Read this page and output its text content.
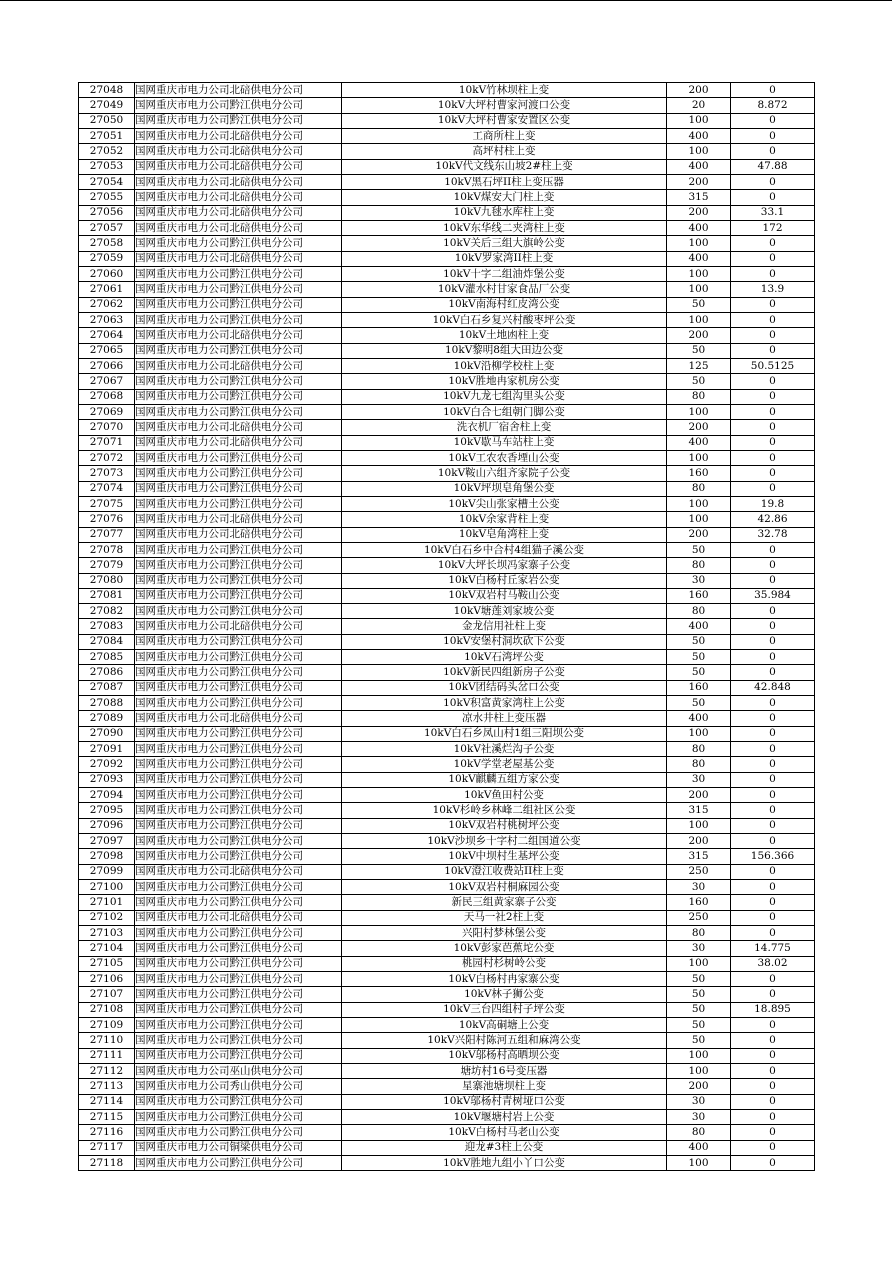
27048	国网重庆市电力公司北碚供电分公司	10kV竹林坝柱上变	200	0
27049	国网重庆市电力公司黔江供电分公司	10kV大坪村曹家河渡口公变	20	8.872
27050	国网重庆市电力公司黔江供电分公司	10kV大坪村曹家安置区公变	100	0
27051	国网重庆市电力公司北碚供电分公司	工商所柱上变	400	0
27052	国网重庆市电力公司北碚供电分公司	高坪村柱上变	100	0
27053	国网重庆市电力公司北碚供电分公司	10kV代文线东山坡2#柱上变	400	47.88
27054	国网重庆市电力公司北碚供电分公司	10kV黑石坪II柱上变压器	200	0
27055	国网重庆市电力公司北碚供电分公司	10kV煤安大门柱上变	315	0
27056	国网重庆市电力公司北碚供电分公司	10kV九毬水库柱上变	200	33.1
27057	国网重庆市电力公司北碚供电分公司	10kV东华线二夹湾柱上变	400	172
27058	国网重庆市电力公司黔江供电分公司	10kV关后三组大旗岭公变	100	0
27059	国网重庆市电力公司北碚供电分公司	10kV罗家湾II柱上变	400	0
27060	国网重庆市电力公司黔江供电分公司	10kV十字二组油炸堡公变	100	0
27061	国网重庆市电力公司黔江供电分公司	10kV灌水村甘家食品厂公变	100	13.9
27062	国网重庆市电力公司黔江供电分公司	10kV南海村红皮湾公变	50	0
27063	国网重庆市电力公司黔江供电分公司	10kV白石乡复兴村酸枣坪公变	100	0
27064	国网重庆市电力公司北碚供电分公司	10kV土地凼柱上变	200	0
27065	国网重庆市电力公司黔江供电分公司	10kV黎明8组大田边公变	50	0
27066	国网重庆市电力公司北碚供电分公司	10kV沿柳学校柱上变	125	50.5125
27067	国网重庆市电力公司黔江供电分公司	10kV胜地冉家机房公变	50	0
27068	国网重庆市电力公司黔江供电分公司	10kV九龙七组沟里头公变	80	0
27069	国网重庆市电力公司黔江供电分公司	10kV白合七组朝门脚公变	100	0
27070	国网重庆市电力公司北碚供电分公司	洗衣机厂宿舍柱上变	200	0
27071	国网重庆市电力公司北碚供电分公司	10kV歇马车站柱上变	400	0
27072	国网重庆市电力公司黔江供电分公司	10kV工农农香堙山公变	100	0
27073	国网重庆市电力公司黔江供电分公司	10kV鞍山六组齐家院子公变	160	0
27074	国网重庆市电力公司黔江供电分公司	10kV坪坝皂角堡公变	80	0
27075	国网重庆市电力公司黔江供电分公司	10kV尖山张家槽土公变	100	19.8
27076	国网重庆市电力公司北碚供电分公司	10kV余家背柱上变	100	42.86
27077	国网重庆市电力公司北碚供电分公司	10kV皂角湾柱上变	200	32.78
27078	国网重庆市电力公司黔江供电分公司	10kV白石乡中合村4组猫子溪公变	50	0
27079	国网重庆市电力公司黔江供电分公司	10kV大坪长坝冯家寨子公变	80	0
27080	国网重庆市电力公司黔江供电分公司	10kV白杨村丘家岩公变	30	0
27081	国网重庆市电力公司黔江供电分公司	10kV双岩村马鞍山公变	160	35.984
27082	国网重庆市电力公司黔江供电分公司	10kV塘莲刘家坡公变	80	0
27083	国网重庆市电力公司北碚供电分公司	金龙信用社柱上变	400	0
27084	国网重庆市电力公司黔江供电分公司	10kV安堡村洞坎砍下公变	50	0
27085	国网重庆市电力公司黔江供电分公司	10kV石湾坪公变	50	0
27086	国网重庆市电力公司黔江供电分公司	10kV新民四组新房子公变	50	0
27087	国网重庆市电力公司黔江供电分公司	10kV团结码头岔口公变	160	42.848
27088	国网重庆市电力公司黔江供电分公司	10kV积富黄家湾柱上公变	50	0
27089	国网重庆市电力公司北碚供电分公司	凉水井柱上变压器	400	0
27090	国网重庆市电力公司黔江供电分公司	10kV白石乡凤山村1组三阳坝公变	100	0
27091	国网重庆市电力公司黔江供电分公司	10kV社溪烂沟子公变	80	0
27092	国网重庆市电力公司黔江供电分公司	10kV学堂老屋基公变	80	0
27093	国网重庆市电力公司黔江供电分公司	10kV麒麟五组方家公变	30	0
27094	国网重庆市电力公司黔江供电分公司	10kV鱼田村公变	200	0
27095	国网重庆市电力公司黔江供电分公司	10kV杉岭乡林峰二组社区公变	315	0
27096	国网重庆市电力公司黔江供电分公司	10kV双岩村桃树坪公变	100	0
27097	国网重庆市电力公司黔江供电分公司	10kV沙坝乡十字村二组国道公变	200	0
27098	国网重庆市电力公司黔江供电分公司	10kV中坝村生基坪公变	315	156.366
27099	国网重庆市电力公司北碚供电分公司	10kV澄江收费站II柱上变	250	0
27100	国网重庆市电力公司黔江供电分公司	10kV双岩村桐麻园公变	30	0
27101	国网重庆市电力公司黔江供电分公司	新民三组黄家寨子公变	160	0
27102	国网重庆市电力公司北碚供电分公司	天马一社2柱上变	250	0
27103	国网重庆市电力公司黔江供电分公司	兴阳村梦林堡公变	80	0
27104	国网重庆市电力公司黔江供电分公司	10kV彭家芭蕉坨公变	30	14.775
27105	国网重庆市电力公司黔江供电分公司	桃园村杉树岭公变	100	38.02
27106	国网重庆市电力公司黔江供电分公司	10kV白杨村冉家寨公变	50	0
27107	国网重庆市电力公司黔江供电分公司	10kV林子狮公变	50	0
27108	国网重庆市电力公司黔江供电分公司	10kV三台四组村子坪公变	50	18.895
27109	国网重庆市电力公司黔江供电分公司	10kV高硐塘上公变	50	0
27110	国网重庆市电力公司黔江供电分公司	10kV兴阳村陈河五组和麻湾公变	50	0
27111	国网重庆市电力公司黔江供电分公司	10kV邬杨村高晒坝公变	100	0
27112	国网重庆市电力公司巫山供电分公司	塘坊村16号变压器	100	0
27113	国网重庆市电力公司秀山供电分公司	星寨池塘坝柱上变	200	0
27114	国网重庆市电力公司黔江供电分公司	10kV邬杨村青树垭口公变	30	0
27115	国网重庆市电力公司黔江供电分公司	10kV堰塘村岩上公变	30	0
27116	国网重庆市电力公司黔江供电分公司	10kV白杨村马老山公变	80	0
27117	国网重庆市电力公司铜梁供电分公司	迎龙#3柱上公变	400	0
27118	国网重庆市电力公司黔江供电分公司	10kV胜地九组小丫口公变	100	0
